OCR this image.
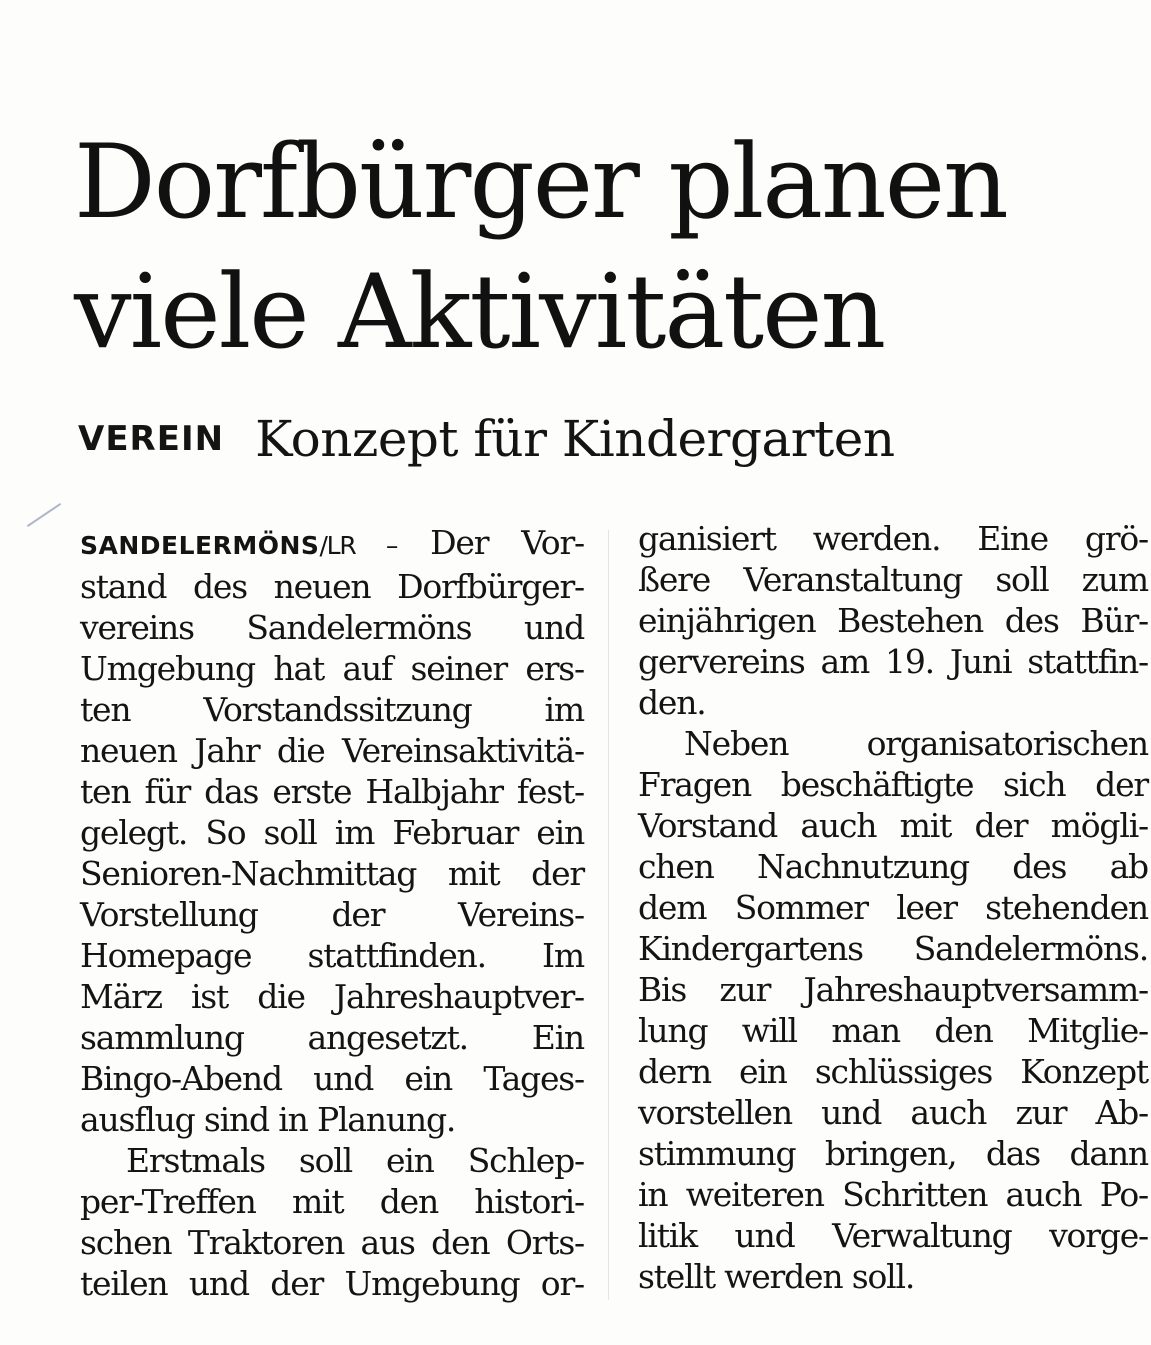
Dorfbürger planen
viele Aktivitäten
VEREIN Konzept für Kindergarten
SANDELERMÖNS/LR – Der Vor-
stand des neuen Dorfbürger-
vereins Sandelermöns und
Umgebung hat auf seiner ers-
ten Vorstandssitzung im
neuen Jahr die Vereinsaktivitä-
ten für das erste Halbjahr fest-
gelegt. So soll im Februar ein
Senioren-Nachmittag mit der
Vorstellung der Vereins-
Homepage stattfinden. Im
März ist die Jahreshauptver-
sammlung angesetzt. Ein
Bingo-Abend und ein Tages-
ausflug sind in Planung.
Erstmals soll ein Schlep-
per-Treffen mit den histori-
schen Traktoren aus den Orts-
teilen und der Umgebung or-
ganisiert werden. Eine grö-
ßere Veranstaltung soll zum
einjährigen Bestehen des Bür-
gervereins am 19. Juni stattfin-
den.
Neben organisatorischen
Fragen beschäftigte sich der
Vorstand auch mit der mögli-
chen Nachnutzung des ab
dem Sommer leer stehenden
Kindergartens Sandelermöns.
Bis zur Jahreshauptversamm-
lung will man den Mitglie-
dern ein schlüssiges Konzept
vorstellen und auch zur Ab-
stimmung bringen, das dann
in weiteren Schritten auch Po-
litik und Verwaltung vorge-
stellt werden soll.
